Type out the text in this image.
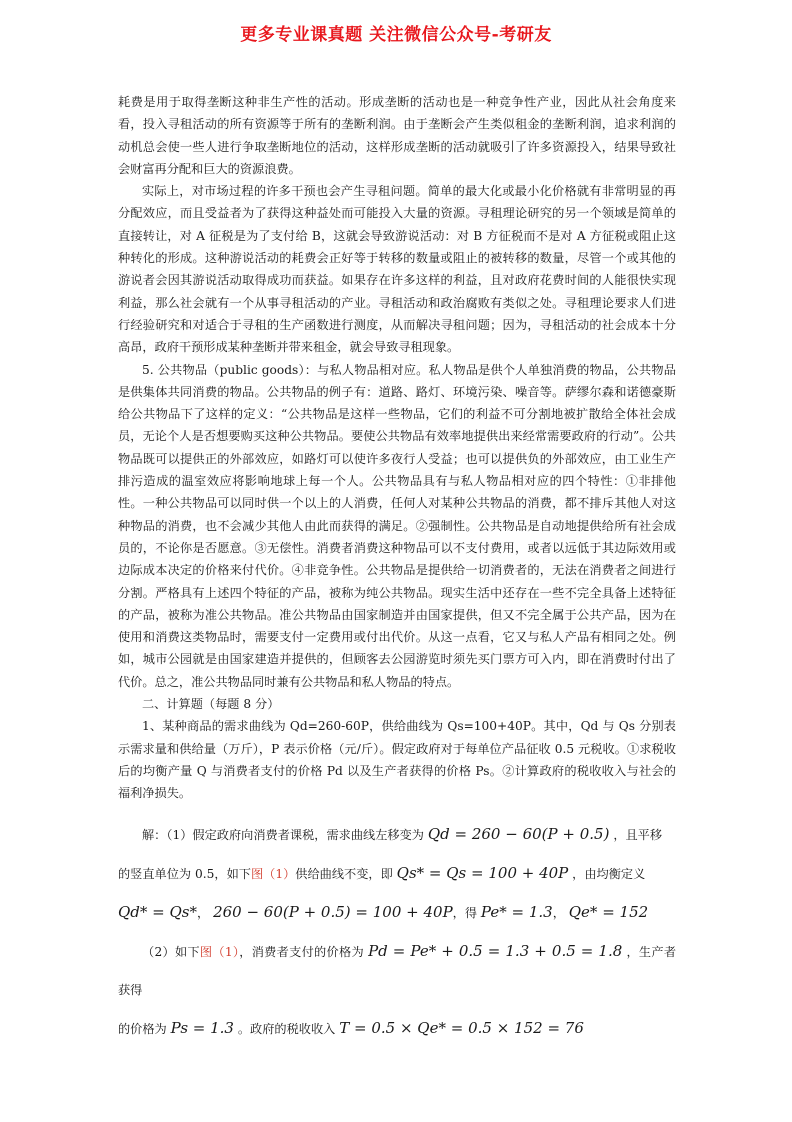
更多专业课真题 关注微信公众号-考研友

耗费是用于取得垄断这种非生产性的活动。形成垄断的活动也是一种竞争性产业，因此从社会角度来看，投入寻租活动的所有资源等于所有的垄断利润。由于垄断会产生类似租金的垄断利润，追求利润的动机总会使一些人进行争取垄断地位的活动，这样形成垄断的活动就吸引了许多资源投入，结果导致社会财富再分配和巨大的资源浪费。

实际上，对市场过程的许多干预也会产生寻租问题。简单的最大化或最小化价格就有非常明显的再分配效应，而且受益者为了获得这种益处而可能投入大量的资源。寻租理论研究的另一个领域是简单的直接转让，对 A 征税是为了支付给 B，这就会导致游说活动：对 B 方征税而不是对 A 方征税或阻止这种转化的形成。这种游说活动的耗费会正好等于转移的数量或阻止的被转移的数量，尽管一个或其他的游说者会因其游说活动取得成功而获益。如果存在许多这样的利益，且对政府花费时间的人能很快实现利益，那么社会就有一个从事寻租活动的产业。寻租活动和政治腐败有类似之处。寻租理论要求人们进行经验研究和对适合于寻租的生产函数进行测度，从而解决寻租问题；因为，寻租活动的社会成本十分高昂，政府干预形成某种垄断并带来租金，就会导致寻租现象。

5. 公共物品（public goods）：与私人物品相对应。私人物品是供个人单独消费的物品，公共物品是供集体共同消费的物品。公共物品的例子有：道路、路灯、环境污染、噪音等。萨缪尔森和诺德豪斯给公共物品下了这样的定义：“公共物品是这样一些物品，它们的利益不可分割地被扩散给全体社会成员，无论个人是否想要购买这种公共物品。要使公共物品有效率地提供出来经常需要政府的行动”。公共物品既可以提供正的外部效应，如路灯可以使许多夜行人受益；也可以提供负的外部效应，由工业生产排污造成的温室效应将影响地球上每一个人。公共物品具有与私人物品相对应的四个特性：①非排他性。一种公共物品可以同时供一个以上的人消费，任何人对某种公共物品的消费，都不排斥其他人对这种物品的消费，也不会减少其他人由此而获得的满足。②强制性。公共物品是自动地提供给所有社会成员的，不论你是否愿意。③无偿性。消费者消费这种物品可以不支付费用，或者以远低于其边际效用或边际成本决定的价格来付代价。④非竞争性。公共物品是提供给一切消费者的，无法在消费者之间进行分割。严格具有上述四个特征的产品，被称为纯公共物品。现实生活中还存在一些不完全具备上述特征的产品，被称为准公共物品。准公共物品由国家制造并由国家提供，但又不完全属于公共产品，因为在使用和消费这类物品时，需要支付一定费用或付出代价。从这一点看，它又与私人产品有相同之处。例如，城市公园就是由国家建造并提供的，但顾客去公园游览时须先买门票方可入内，即在消费时付出了代价。总之，准公共物品同时兼有公共物品和私人物品的特点。

二、计算题（每题 8 分）

1、某种商品的需求曲线为 Qd=260-60P，供给曲线为 Qs=100+40P。其中，Qd 与 Qs 分别表示需求量和供给量（万斤），P 表示价格（元/斤）。假定政府对于每单位产品征收 0.5 元税收。①求税收后的均衡产量 Q 与消费者支付的价格 Pd 以及生产者获得的价格 Ps。②计算政府的税收收入与社会的福利净损失。

解：（1）假定政府向消费者课税，需求曲线左移变为 Qd = 260 − 60(P + 0.5) ，且平移

的竖直单位为 0.5，如下图（1）供给曲线不变，即 Qs* = Qs = 100 + 40P ，由均衡定义

Qd* = Qs*， 260 − 60(P + 0.5) = 100 + 40P，得 Pe* = 1.3， Qe* = 152

（2）如下图（1），消费者支付的价格为 Pd = Pe* + 0.5 = 1.3 + 0.5 = 1.8 ，生产者获得

的价格为 Ps = 1.3 。政府的税收收入 T = 0.5 × Qe* = 0.5 × 152 = 76
